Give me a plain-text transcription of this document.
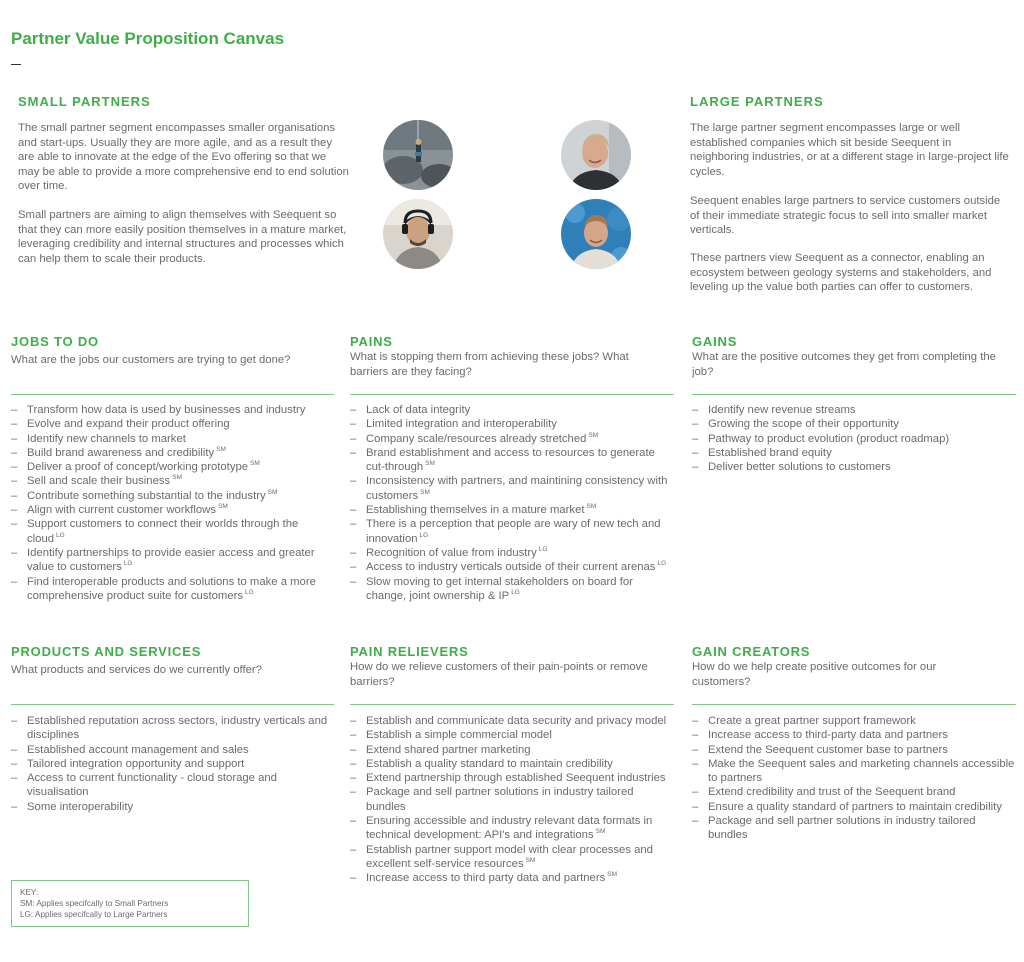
Partner Value Proposition Canvas
SMALL PARTNERS
The small partner segment encompasses smaller organisations and start-ups. Usually they are more agile, and as a result they are able to innovate at the edge of the Evo offering so that we may be able to provide a more comprehensive end to end solution over time.
Small partners are aiming to align themselves with Seequent so that they can more easily position themselves in a mature market, leveraging credibility and internal structures and processes which can help them to scale their products.
LARGE PARTNERS
The large partner segment encompasses large or well established companies which sit beside Seequent in neighboring industries, or at a different stage in large-project life cycles.
Seequent enables large partners to service customers outside of their immediate strategic focus to sell into smaller market verticals.
These partners view Seequent as a connector, enabling an ecosystem between geology systems and stakeholders, and leveling up the value both parties can offer to customers.
JOBS TO DO
What are the jobs our customers are trying to get done?
– Transform how data is used by businesses and industry
– Evolve and expand their product offering
– Identify new channels to market
– Build brand awareness and credibility ℠
– Deliver a proof of concept/working prototype ℠
– Sell and scale their business ℠
– Contribute something substantial to the industry ℠
– Align with current customer workflows ℠
– Support customers to connect their worlds through the cloud $^{LG}$
– Identify partnerships to provide easier access and greater value to customers $^{LG}$
– Find interoperable products and solutions to make a more comprehensive product suite for customers $^{LG}$
PAINS
What is stopping them from achieving these jobs? What barriers are they facing?
– Lack of data integrity
– Limited integration and interoperability
– Company scale/resources already stretched ℠
– Brand establishment and access to resources to generate cut-through ℠
– Inconsistency with partners, and maintining consistency with customers ℠
– Establishing themselves in a mature market ℠
– There is a perception that people are wary of new tech and innovation $^{LG}$
– Recognition of value from industry $^{LG}$
– Access to industry verticals outside of their current arenas $^{LG}$
– Slow moving to get internal stakeholders on board for change, joint ownership & IP $^{LG}$
GAINS
What are the positive outcomes they get from completing the job?
– Identify new revenue streams
– Growing the scope of their opportunity
– Pathway to product evolution (product roadmap)
– Established brand equity
– Deliver better solutions to customers
PRODUCTS AND SERVICES
What products and services do we currently offer?
– Established reputation across sectors, industry verticals and disciplines
– Established account management and sales
– Tailored integration opportunity and support
– Access to current functionality - cloud storage and visualisation
– Some interoperability
PAIN RELIEVERS
How do we relieve customers of their pain-points or remove barriers?
– Establish and communicate data security and privacy model
– Establish a simple commercial model
– Extend shared partner marketing
– Establish a quality standard to maintain credibility
– Extend partnership through established Seequent industries
– Package and sell partner solutions in industry tailored bundles
– Ensuring accessible and industry relevant data formats in technical development: API's and integrations ℠
– Establish partner support model with clear processes and excellent self-service resources ℠
– Increase access to third party data and partners ℠
GAIN CREATORS
How do we help create positive outcomes for our customers?
– Create a great partner support framework
– Increase access to third-party data and partners
– Extend the Seequent customer base to partners
– Make the Seequent sales and marketing channels accessible to partners
– Extend credibility and trust of the Seequent brand
– Ensure a quality standard of partners to maintain credibility
– Package and sell partner solutions in industry tailored bundles
KEY:
SM: Applies specifcally to Small Partners
LG: Applies specifcally to Large Partners
